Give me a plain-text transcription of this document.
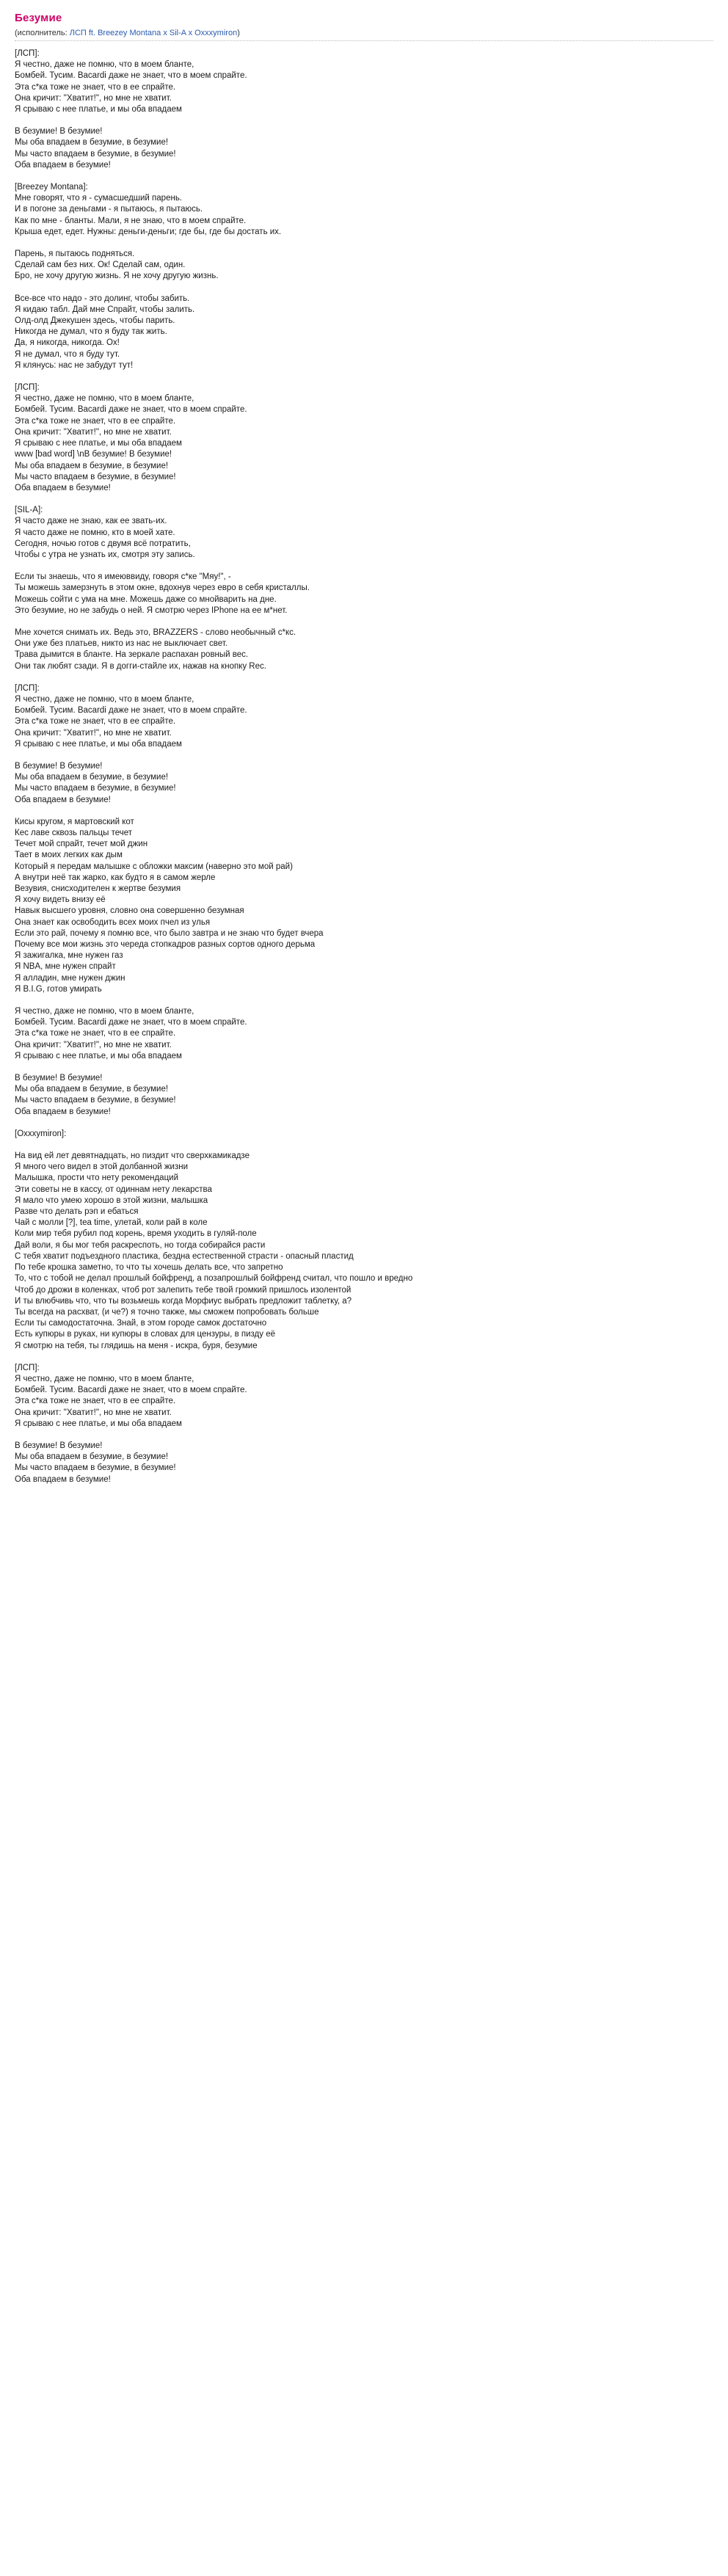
Безумие
(исполнитель: ЛСП ft. Breezey Montana x Sil-A x Oxxxymiron)
[ЛСП]:
Я честно, даже не помню, что в моем бланте,
Бомбей. Тусим. Bacardi даже не знает, что в моем спрайте.
Эта с*ка тоже не знает, что в ее спрайте.
Она кричит: "Хватит!", но мне не хватит.
Я срываю с нее платье, и мы оба впадаем
В безумие! В безумие!
Мы оба впадаем в безумие, в безумие!
Мы часто впадаем в безумие, в безумие!
Оба впадаем в безумие!
[Breezey Montana]:
Мне говорят, что я - сумасшедший парень.
И в погоне за деньгами - я пытаюсь, я пытаюсь.
Как по мне - бланты. Мали, я не знаю, что в моем спрайте.
Крыша едет, едет. Нужны: деньги-деньги; где бы, где бы достать их.
Парень, я пытаюсь подняться.
Сделай сам без них. Ок! Сделай сам, один.
Бро, не хочу другую жизнь. Я не хочу другую жизнь.
Все-все что надо - это долинг, чтобы забить.
Я кидаю табл. Дай мне Спрайт, чтобы залить.
Олд-олд Джекушен здесь, чтобы парить.
Никогда не думал, что я буду так жить.
Да, я никогда, никогда. Ох!
Я не думал, что я буду тут.
Я клянусь: нас не забудут тут!
[ЛСП]:
Я честно, даже не помню, что в моем бланте,
Бомбей. Тусим. Bacardi даже не знает, что в моем спрайте.
Эта с*ка тоже не знает, что в ее спрайте.
Она кричит: "Хватит!", но мне не хватит.
Я срываю с нее платье, и мы оба впадаем
www [bad word] \nВ безумие! В безумие!
Мы оба впадаем в безумие, в безумие!
Мы часто впадаем в безумие, в безумие!
Оба впадаем в безумие!
[SIL-A]:
Я часто даже не знаю, как ее звать-их.
Я часто даже не помню, кто в моей хате.
Сегодня, ночью готов с двумя всё потратить,
Чтобы с утра не узнать их, смотря эту запись.
Если ты знаешь, что я имеюввиду, говоря с*ке "Мяу!", -
Ты можешь замерзнуть в этом окне, вдохнув через евро в себя кристаллы.
Можешь сойти с ума на мне. Можешь даже со мнойварить на дне.
Это безумие, но не забудь о ней. Я смотрю через IPhone на ее м*нет.
Мне хочется снимать их. Ведь это, BRAZZERS - слово необычный с*кс.
Они уже без платьев, никто из нас не выключает свет.
Трава дымится в бланте. На зеркале распахан ровный вес.
Они так любят сзади. Я в догги-стайле их, нажав на кнопку Rec.
[ЛСП]:
Я честно, даже не помню, что в моем бланте,
Бомбей. Тусим. Bacardi даже не знает, что в моем спрайте.
Эта с*ка тоже не знает, что в ее спрайте.
Она кричит: "Хватит!", но мне не хватит.
Я срываю с нее платье, и мы оба впадаем
В безумие! В безумие!
Мы оба впадаем в безумие, в безумие!
Мы часто впадаем в безумие, в безумие!
Оба впадаем в безумие!
Кисы кругом, я мартовский кот
Кес лаве сквозь пальцы течет
Течет мой спрайт, течет мой джин
Тает в моих легких как дым
Который я передам малышке с обложки максим (наверно это мой рай)
А внутри неё так жарко, как будто я в самом жерле
Везувия, снисходителен к жертве безумия
Я хочу видеть внизу её
Навык высшего уровня, словно она совершенно безумная
Она знает как освободить всех моих пчел из улья
Если это рай, почему я помню все, что было завтра и не знаю что будет вчера
Почему все мои жизнь это череда стопкадров разных сортов одного дерьма
Я зажигалка, мне нужен газ
Я NBA, мне нужен спрайт
Я алладин, мне нужен джин
Я B.I.G, готов умирать
Я честно, даже не помню, что в моем бланте,
Бомбей. Тусим. Bacardi даже не знает, что в моем спрайте.
Эта с*ка тоже не знает, что в ее спрайте.
Она кричит: "Хватит!", но мне не хватит.
Я срываю с нее платье, и мы оба впадаем
В безумие! В безумие!
Мы оба впадаем в безумие, в безумие!
Мы часто впадаем в безумие, в безумие!
Оба впадаем в безумие!
[Oxxxymiron]:
На вид ей лет девятнадцать, но пиздит что сверхкамикадзе
Я много чего видел в этой долбанной жизни
Малышка, прости что нету рекомендаций
Эти советы не в кассу, от одиннам нету лекарства
Я мало что умею хорошо в этой жизни, малышка
Разве что делать рэп и ебаться
Чай с молли [?], tea time, улетай, коли рай в коле
Коли мир тебя рубил под корень, время уходить в гуляй-поле
Дай воли, я бы мог тебя раскреспоть, но тогда собирайся расти
С тебя хватит подъездного пластика, бездна естественной страсти - опасный пластид
По тебе крошка заметно, то что ты хочешь делать все, что запретно
То, что с тобой не делал прошлый бойфренд, а позапрошлый бойфренд считал, что пошло и вредно
Чтоб до дрожи в коленках, чтоб рот залепить тебе твой громкий пришлось изолентой
И ты влюбчивь что, что ты возьмешь когда Морфиус выбрать предложит таблетку, а?
Ты всегда на расхват, (и че?) я точно также, мы сможем попробовать больше
Если ты самодостаточна. Знай, в этом городе самок достаточно
Есть купюры в руках, ни купюры в словах для цензуры, в пизду её
Я смотрю на тебя, ты глядишь на меня - искра, буря, безумие
[ЛСП]:
Я честно, даже не помню, что в моем бланте,
Бомбей. Тусим. Bacardi даже не знает, что в моем спрайте.
Эта с*ка тоже не знает, что в ее спрайте.
Она кричит: "Хватит!", но мне не хватит.
Я срываю с нее платье, и мы оба впадаем
В безумие! В безумие!
Мы оба впадаем в безумие, в безумие!
Мы часто впадаем в безумие, в безумие!
Оба впадаем в безумие!
